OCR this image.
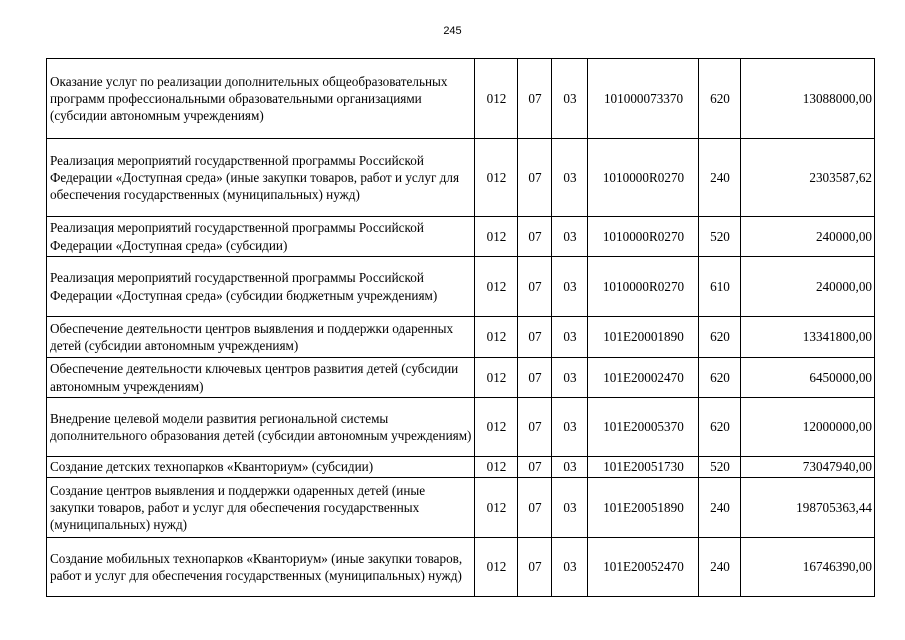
245
Оказание услуг по реализации дополнительных общеобразовательных программ профессиональными образовательными организациями (субсидии автономным учреждениям)	012	07	03	101000073370	620	13088000,00
Реализация мероприятий государственной программы Российской Федерации «Доступная среда» (иные закупки товаров, работ и услуг для обеспечения государственных (муниципальных) нужд)	012	07	03	1010000R0270	240	2303587,62
Реализация мероприятий государственной программы Российской Федерации «Доступная среда» (субсидии)	012	07	03	1010000R0270	520	240000,00
Реализация мероприятий государственной программы Российской Федерации «Доступная среда» (субсидии бюджетным учреждениям)	012	07	03	1010000R0270	610	240000,00
Обеспечение деятельности центров выявления и поддержки одаренных детей (субсидии автономным учреждениям)	012	07	03	101E20001890	620	13341800,00
Обеспечение деятельности ключевых центров развития детей (субсидии автономным учреждениям)	012	07	03	101E20002470	620	6450000,00
Внедрение целевой модели развития региональной системы дополнительного образования детей (субсидии автономным учреждениям)	012	07	03	101E20005370	620	12000000,00
Создание детских технопарков «Кванториум» (субсидии)	012	07	03	101E20051730	520	73047940,00
Создание центров выявления и поддержки одаренных детей (иные закупки товаров, работ и услуг для обеспечения государственных (муниципальных) нужд)	012	07	03	101E20051890	240	198705363,44
Создание мобильных технопарков «Кванториум» (иные закупки товаров, работ и услуг для обеспечения государственных (муниципальных) нужд)	012	07	03	101E20052470	240	16746390,00
